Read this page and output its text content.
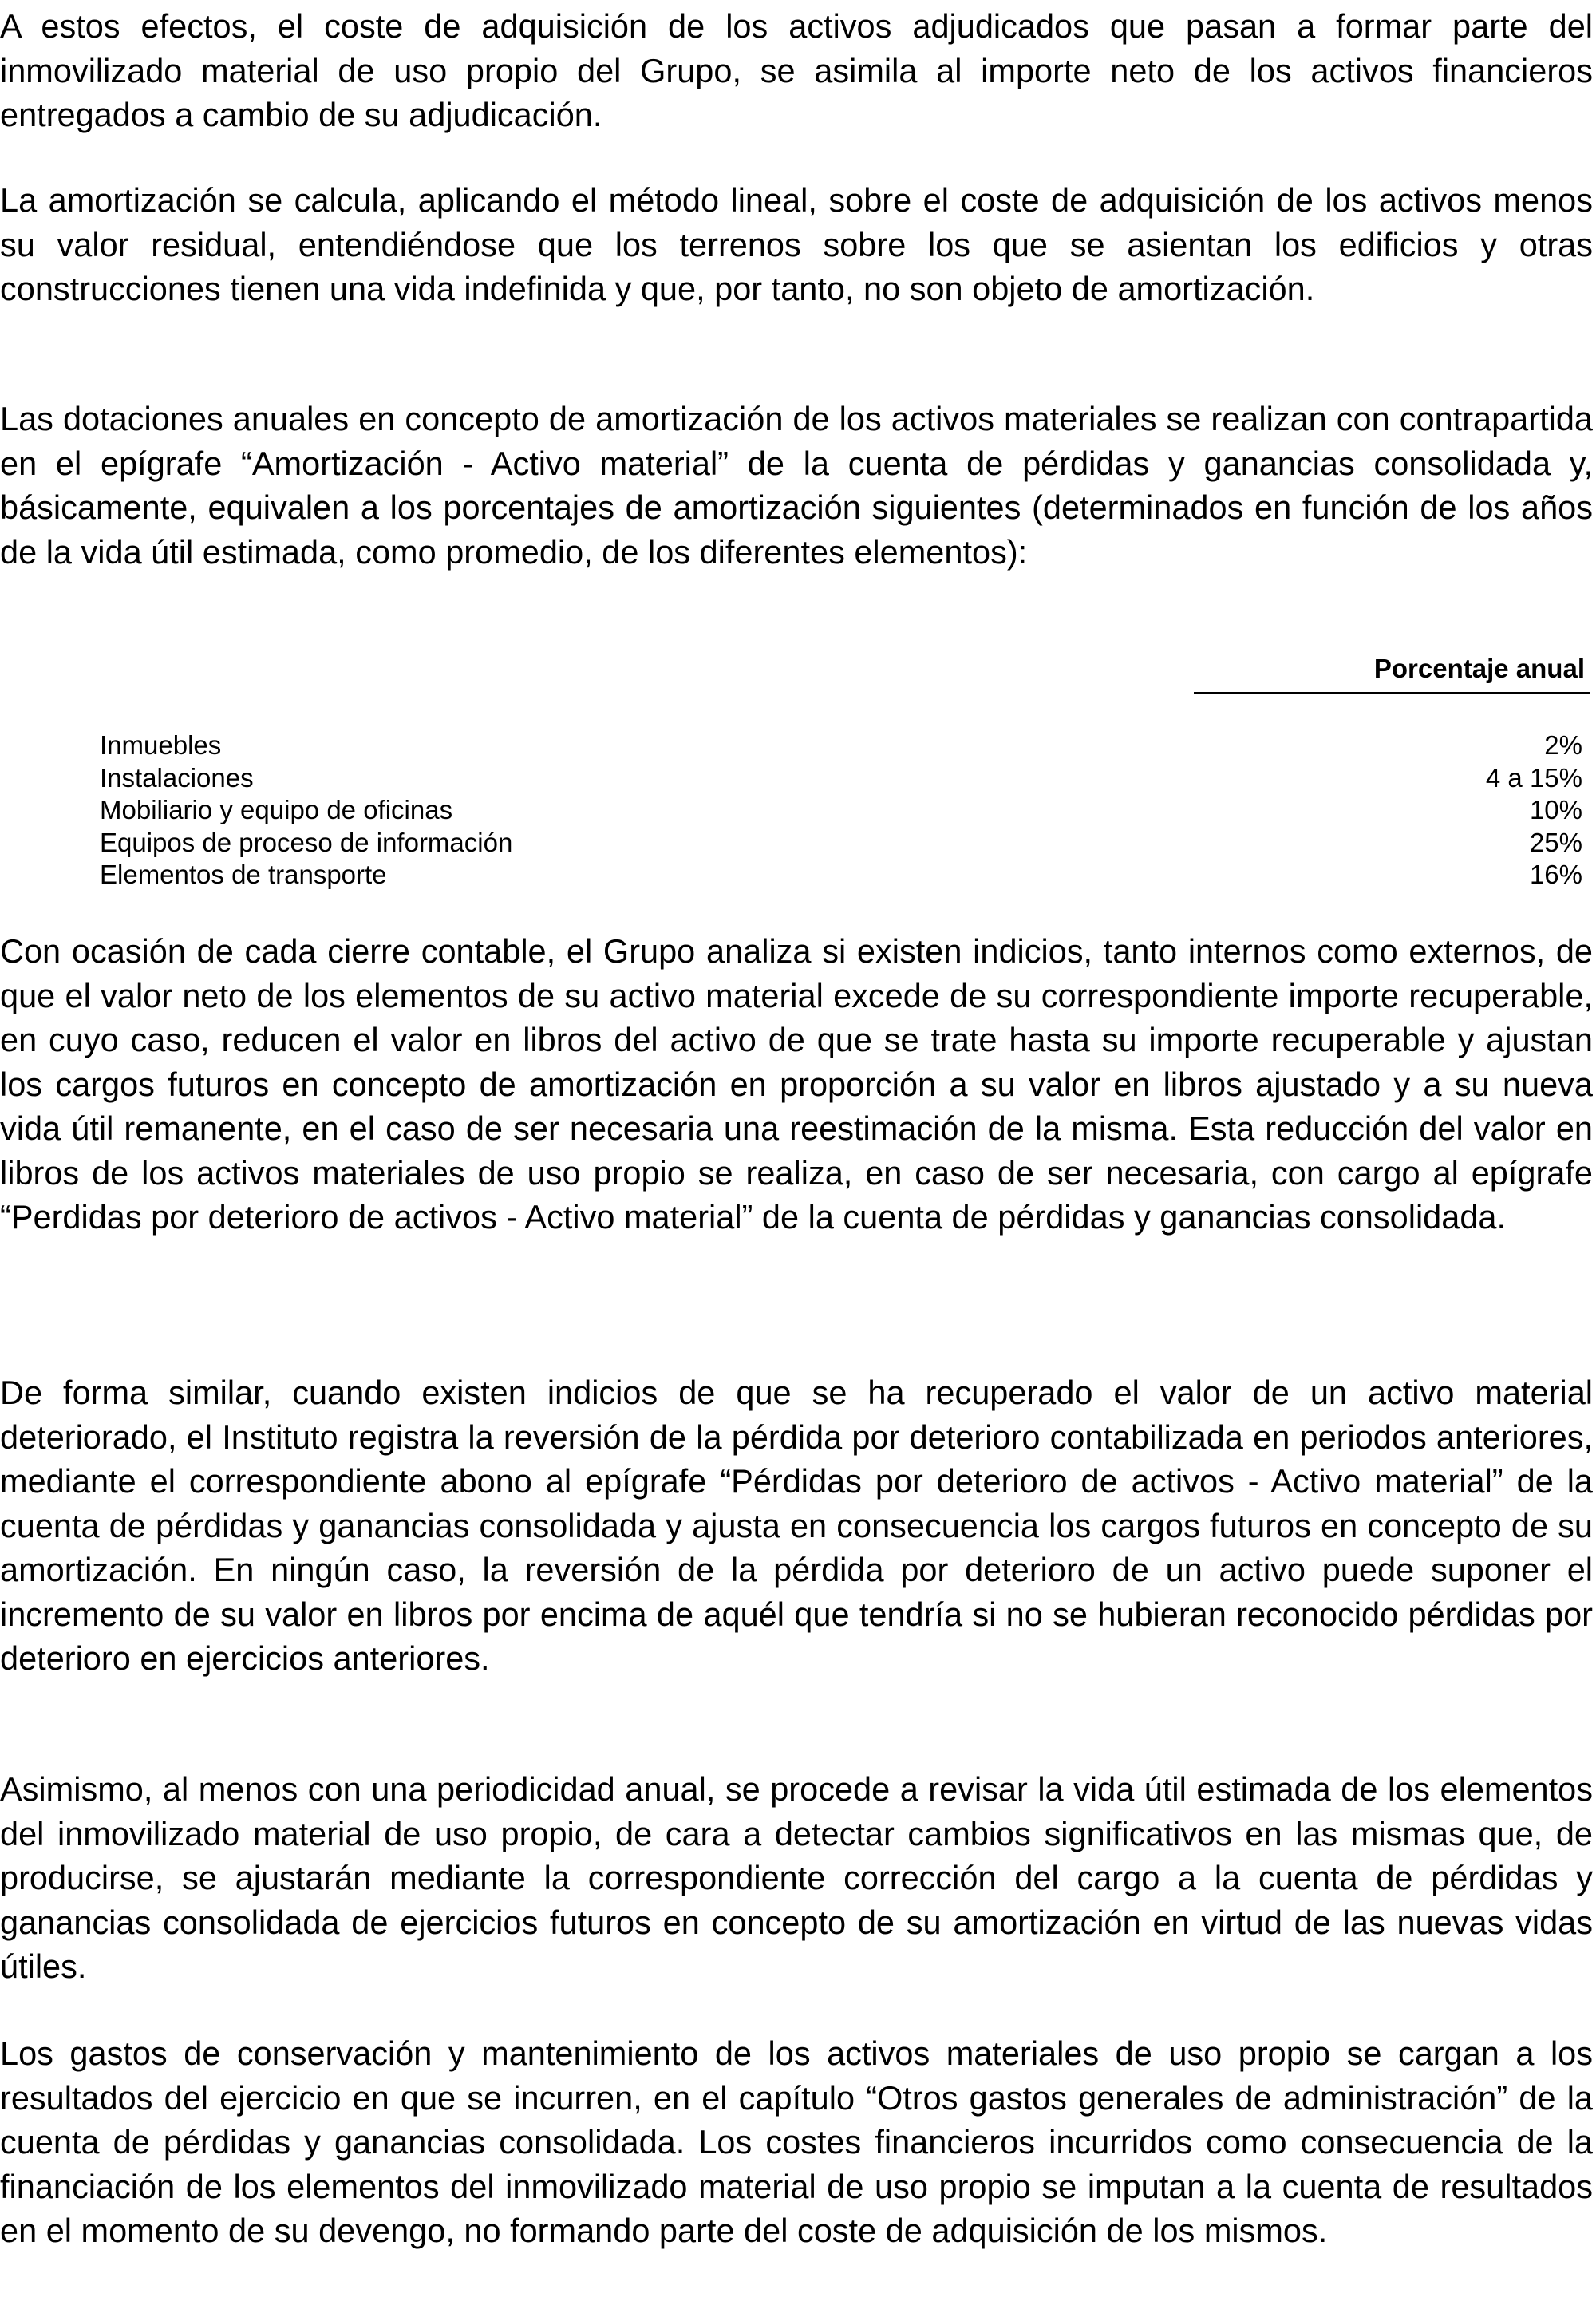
A estos efectos, el coste de adquisición de los activos adjudicados que pasan a formar parte del inmovilizado material de uso propio del Grupo, se asimila al importe neto de los activos financieros entregados a cambio de su adjudicación.

La amortización se calcula, aplicando el método lineal, sobre el coste de adquisición de los activos menos su valor residual, entendiéndose que los terrenos sobre los que se asientan los edificios y otras construcciones tienen una vida indefinida y que, por tanto, no son objeto de amortización.

Las dotaciones anuales en concepto de amortización de los activos materiales se realizan con contrapartida en el epígrafe “Amortización - Activo material” de la cuenta de pérdidas y ganancias consolidada y, básicamente, equivalen a los porcentajes de amortización siguientes (determinados en función de los años de la vida útil estimada, como promedio, de los diferentes elementos):

Porcentaje anual
Inmuebles	2%
Instalaciones	4 a 15%
Mobiliario y equipo de oficinas	10%
Equipos de proceso de información	25%
Elementos de transporte	16%

Con ocasión de cada cierre contable, el Grupo analiza si existen indicios, tanto internos como externos, de que el valor neto de los elementos de su activo material excede de su correspondiente importe recuperable, en cuyo caso, reducen el valor en libros del activo de que se trate hasta su importe recuperable y ajustan los cargos futuros en concepto de amortización en proporción a su valor en libros ajustado y a su nueva vida útil remanente, en el caso de ser necesaria una reestimación de la misma. Esta reducción del valor en libros de los activos materiales de uso propio se realiza, en caso de ser necesaria, con cargo al epígrafe “Perdidas por deterioro de activos - Activo material” de la cuenta de pérdidas y ganancias consolidada.

De forma similar, cuando existen indicios de que se ha recuperado el valor de un activo material deteriorado, el Instituto registra la reversión de la pérdida por deterioro contabilizada en periodos anteriores, mediante el correspondiente abono al epígrafe “Pérdidas por deterioro de activos - Activo material” de la cuenta de pérdidas y ganancias consolidada y ajusta en consecuencia los cargos futuros en concepto de su amortización. En ningún caso, la reversión de la pérdida por deterioro de un activo puede suponer el incremento de su valor en libros por encima de aquél que tendría si no se hubieran reconocido pérdidas por deterioro en ejercicios anteriores.

Asimismo, al menos con una periodicidad anual, se procede a revisar la vida útil estimada de los elementos del inmovilizado material de uso propio, de cara a detectar cambios significativos en las mismas que, de producirse, se ajustarán mediante la correspondiente corrección del cargo a la cuenta de pérdidas y ganancias consolidada de ejercicios futuros en concepto de su amortización en virtud de las nuevas vidas útiles.

Los gastos de conservación y mantenimiento de los activos materiales de uso propio se cargan a los resultados del ejercicio en que se incurren, en el capítulo “Otros gastos generales de administración” de la cuenta de pérdidas y ganancias consolidada. Los costes financieros incurridos como consecuencia de la financiación de los elementos del inmovilizado material de uso propio se imputan a la cuenta de resultados en el momento de su devengo, no formando parte del coste de adquisición de los mismos.
